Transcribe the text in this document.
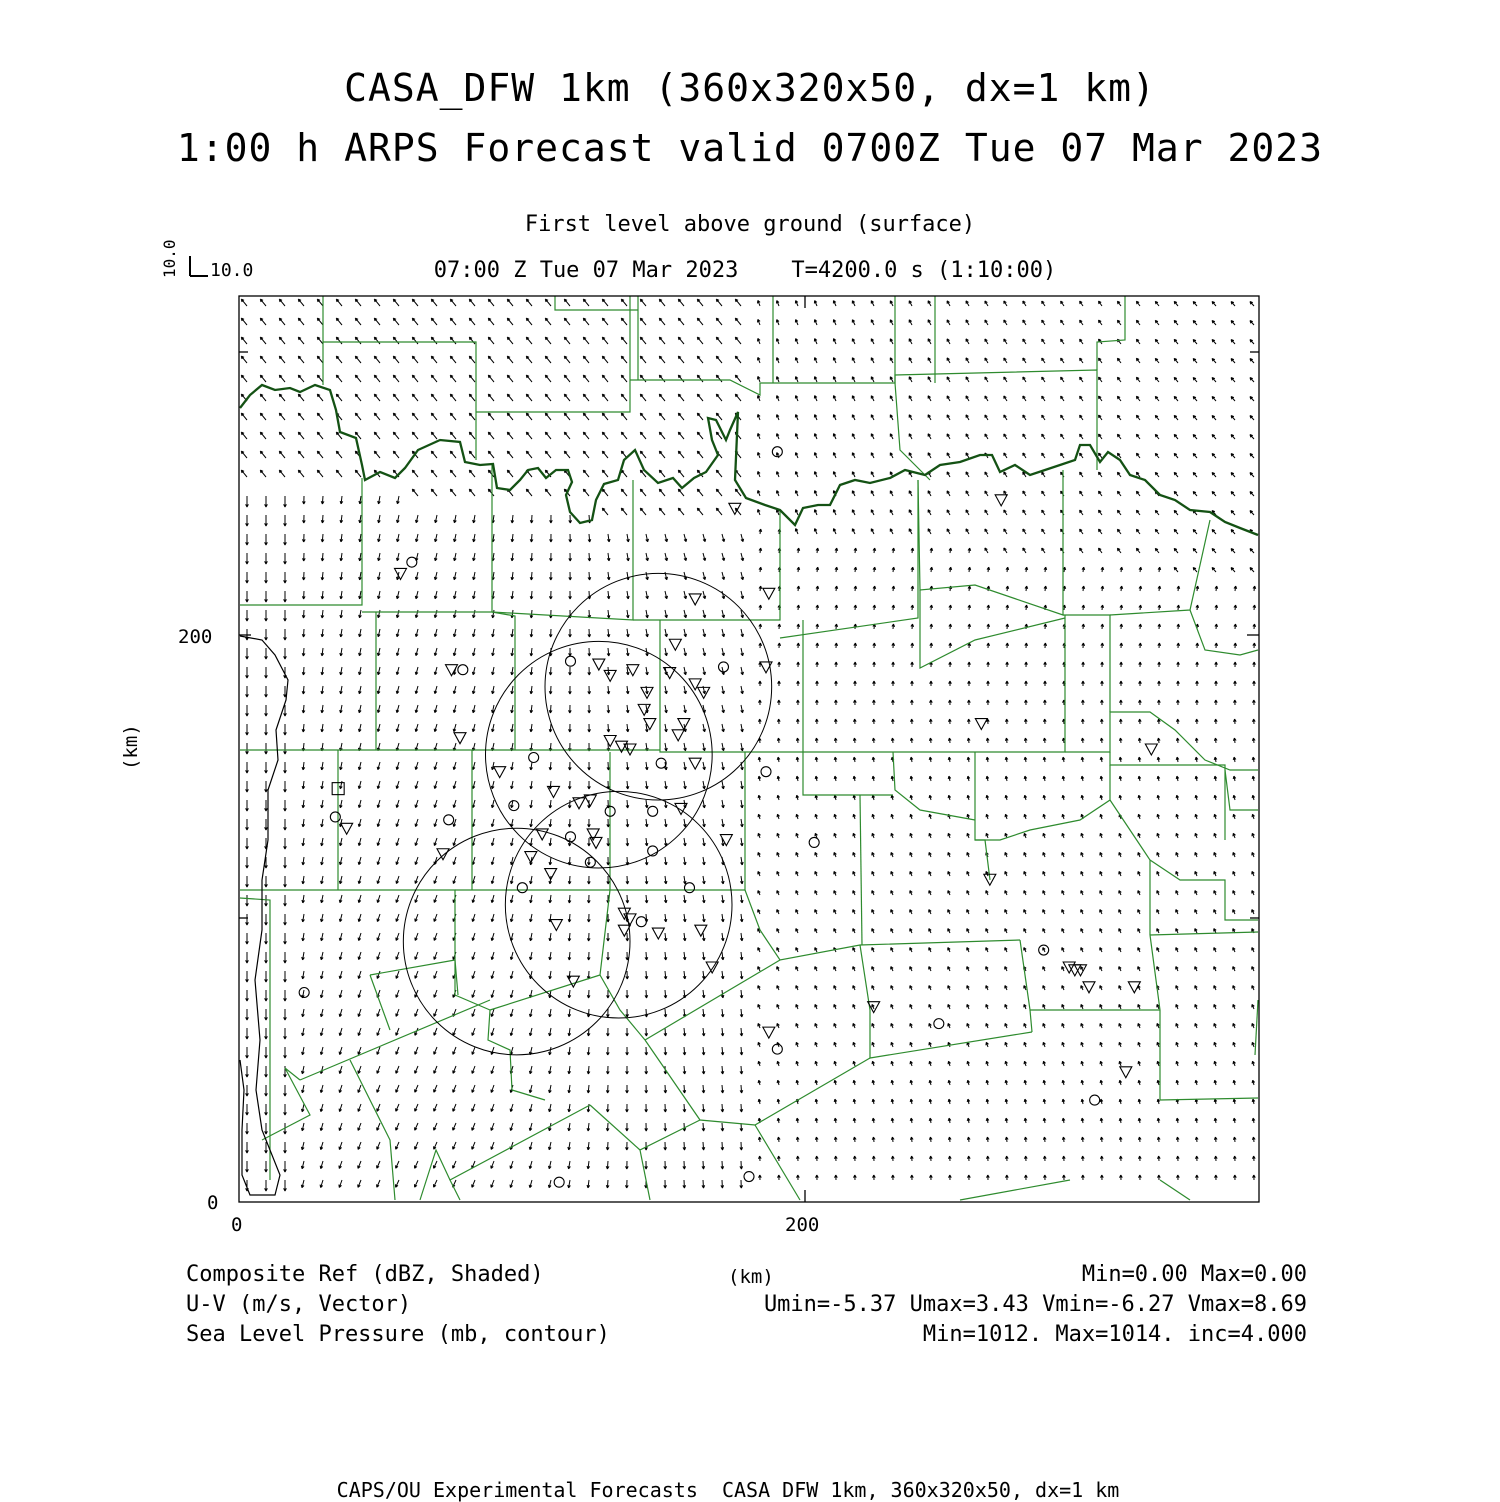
CASA_DFW 1km (360x320x50, dx=1 km)
1:00 h ARPS Forecast valid 0700Z Tue 07 Mar 2023
First level above ground (surface)
07:00 Z Tue 07 Mar 2023    T=4200.0 s (1:10:00)
10.0 10.0
200
0
0	200
(km)
(km)
Composite Ref (dBZ, Shaded)	Min=0.00 Max=0.00
U-V (m/s, Vector)	Umin=-5.37 Umax=3.43 Vmin=-6.27 Vmax=8.69
Sea Level Pressure (mb, contour)	Min=1012. Max=1014. inc=4.000
CAPS/OU Experimental Forecasts  CASA DFW 1km, 360x320x50, dx=1 km
